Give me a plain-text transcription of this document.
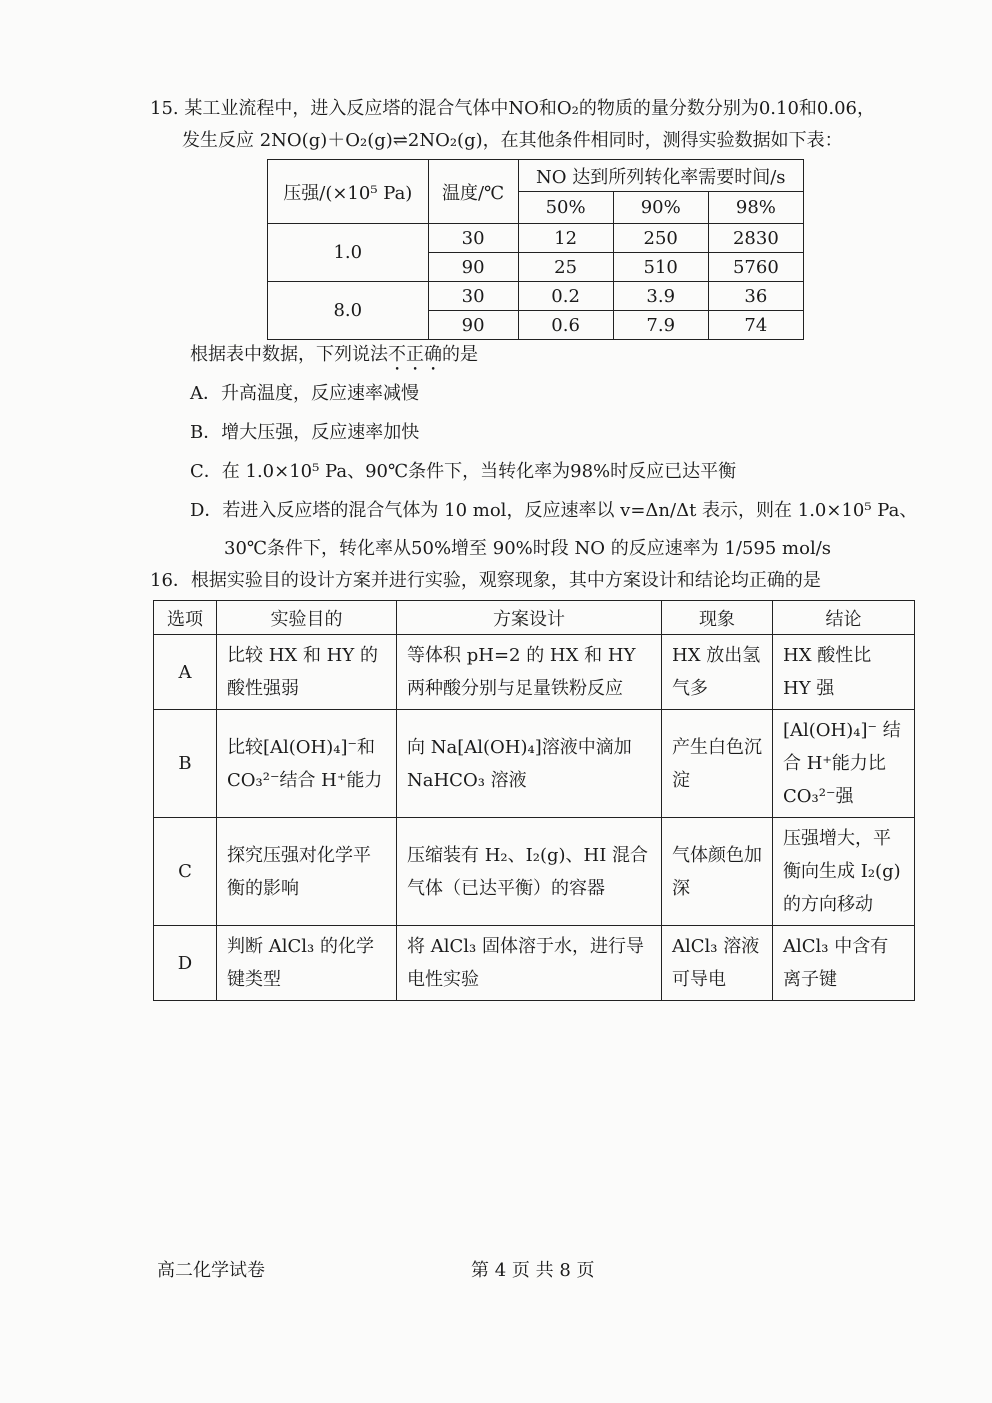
15. 某工业流程中，进入反应塔的混合气体中NO和O₂的物质的量分数分别为0.10和0.06，
发生反应 2NO(g)＋O₂(g)⇌2NO₂(g)，在其他条件相同时，测得实验数据如下表：
压强/(×10⁵ Pa)	温度/℃	NO 达到所列转化率需要时间/s		
		50%	90%	98%
1.0	30	12	250	2830
	90	25	510	5760
8.0	30	0.2	3.9	36
	90	0.6	7.9	74
根据表中数据，下列说法不正确的是
A．升高温度，反应速率减慢
B．增大压强，反应速率加快
C．在 1.0×10⁵ Pa、90℃条件下，当转化率为98%时反应已达平衡
D．若进入反应塔的混合气体为 10 mol，反应速率以 v=Δn/Δt 表示，则在 1.0×10⁵ Pa、
30℃条件下，转化率从50%增至 90%时段 NO 的反应速率为 1/595 mol/s
16．根据实验目的设计方案并进行实验，观察现象，其中方案设计和结论均正确的是
选项	实验目的	方案设计	现象	结论
A	比较 HX 和 HY 的酸性强弱	等体积 pH=2 的 HX 和 HY 两种酸分别与足量铁粉反应	HX 放出氢气多	HX 酸性比 HY 强
B	比较[Al(OH)₄]⁻和 CO₃²⁻结合 H⁺能力	向 Na[Al(OH)₄]溶液中滴加 NaHCO₃ 溶液	产生白色沉淀	[Al(OH)₄]⁻ 结合 H⁺能力比 CO₃²⁻强
C	探究压强对化学平衡的影响	压缩装有 H₂、I₂(g)、HI 混合气体（已达平衡）的容器	气体颜色加深	压强增大，平衡向生成 I₂(g)的方向移动
D	判断 AlCl₃ 的化学键类型	将 AlCl₃ 固体溶于水，进行导电性实验	AlCl₃ 溶液可导电	AlCl₃ 中含有离子键
高二化学试卷	第 4 页 共 8 页
